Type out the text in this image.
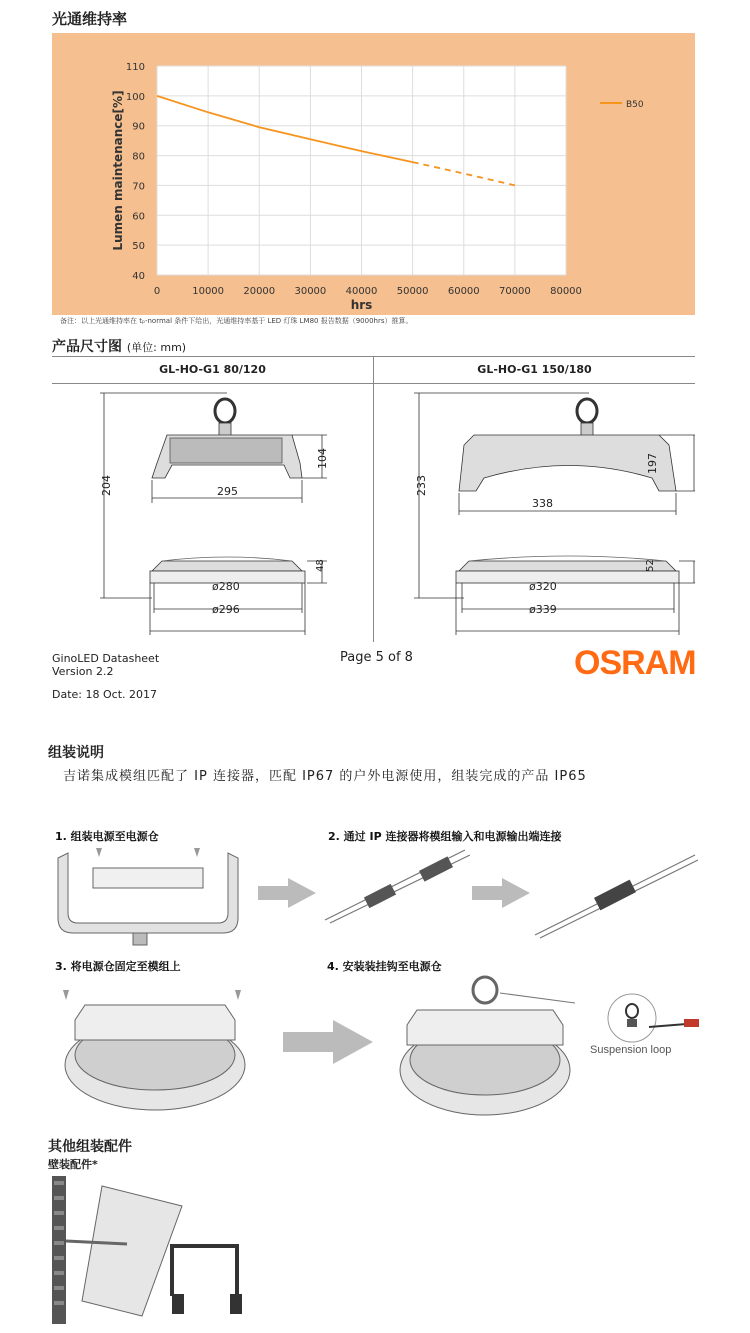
光通维持率
40
50
60
70
80
90
100
110
0	10000 20000 30000 40000 50000 60000 70000 80000
hrs
Lumen maintenance[%]	B50
备注：以上光通维持率在 tₚ-normal 条件下给出，光通维持率基于 LED 灯珠 LM80 报告数据（9000hrs）推算。
产品尺寸图 (单位: mm)
GL-HO-G1 80/120	GL-HO-G1 150/180
204
104
295
48
ø280
ø296
233
197
338
52
ø320
ø339
GinoLED Datasheet
Version 2.2
Date: 18 Oct. 2017
Page 5 of 8	OSRAM
组装说明
吉诺集成模组匹配了 IP 连接器，匹配 IP67 的户外电源使用，组装完成的产品 IP65
1. 组装电源至电源仓	2. 通过 IP 连接器将模组输入和电源输出端连接
3. 将电源仓固定至模组上	4. 安装装挂钩至电源仓
Suspension loop
其他组装配件
壁装配件*
